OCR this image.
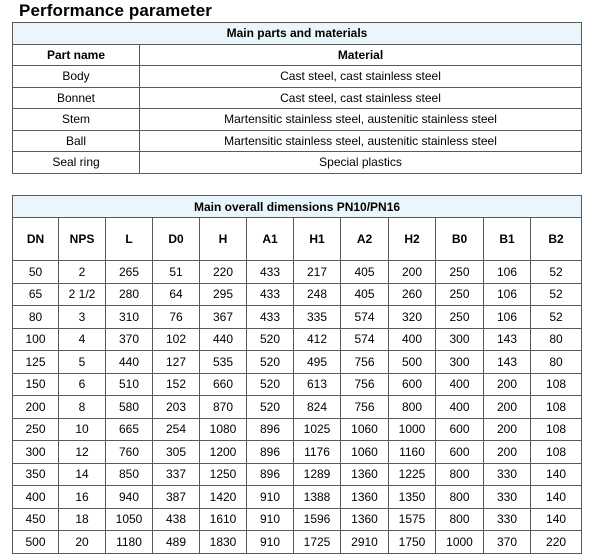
Performance parameter
Main parts and materials	
Part name	Material
Body	Cast steel, cast stainless steel
Bonnet	Cast steel, cast stainless steel
Stem	Martensitic stainless steel, austenitic stainless steel
Ball	Martensitic stainless steel, austenitic stainless steel
Seal ring	Special plastics
Main overall dimensions PN10/PN16											
DN	NPS	L	D0	H	A1	H1	A2	H2	B0	B1	B2
50	2	265	51	220	433	217	405	200	250	106	52
65	2 1/2	280	64	295	433	248	405	260	250	106	52
80	3	310	76	367	433	335	574	320	250	106	52
100	4	370	102	440	520	412	574	400	300	143	80
125	5	440	127	535	520	495	756	500	300	143	80
150	6	510	152	660	520	613	756	600	400	200	108
200	8	580	203	870	520	824	756	800	400	200	108
250	10	665	254	1080	896	1025	1060	1000	600	200	108
300	12	760	305	1200	896	1176	1060	1160	600	200	108
350	14	850	337	1250	896	1289	1360	1225	800	330	140
400	16	940	387	1420	910	1388	1360	1350	800	330	140
450	18	1050	438	1610	910	1596	1360	1575	800	330	140
500	20	1180	489	1830	910	1725	2910	1750	1000	370	220
